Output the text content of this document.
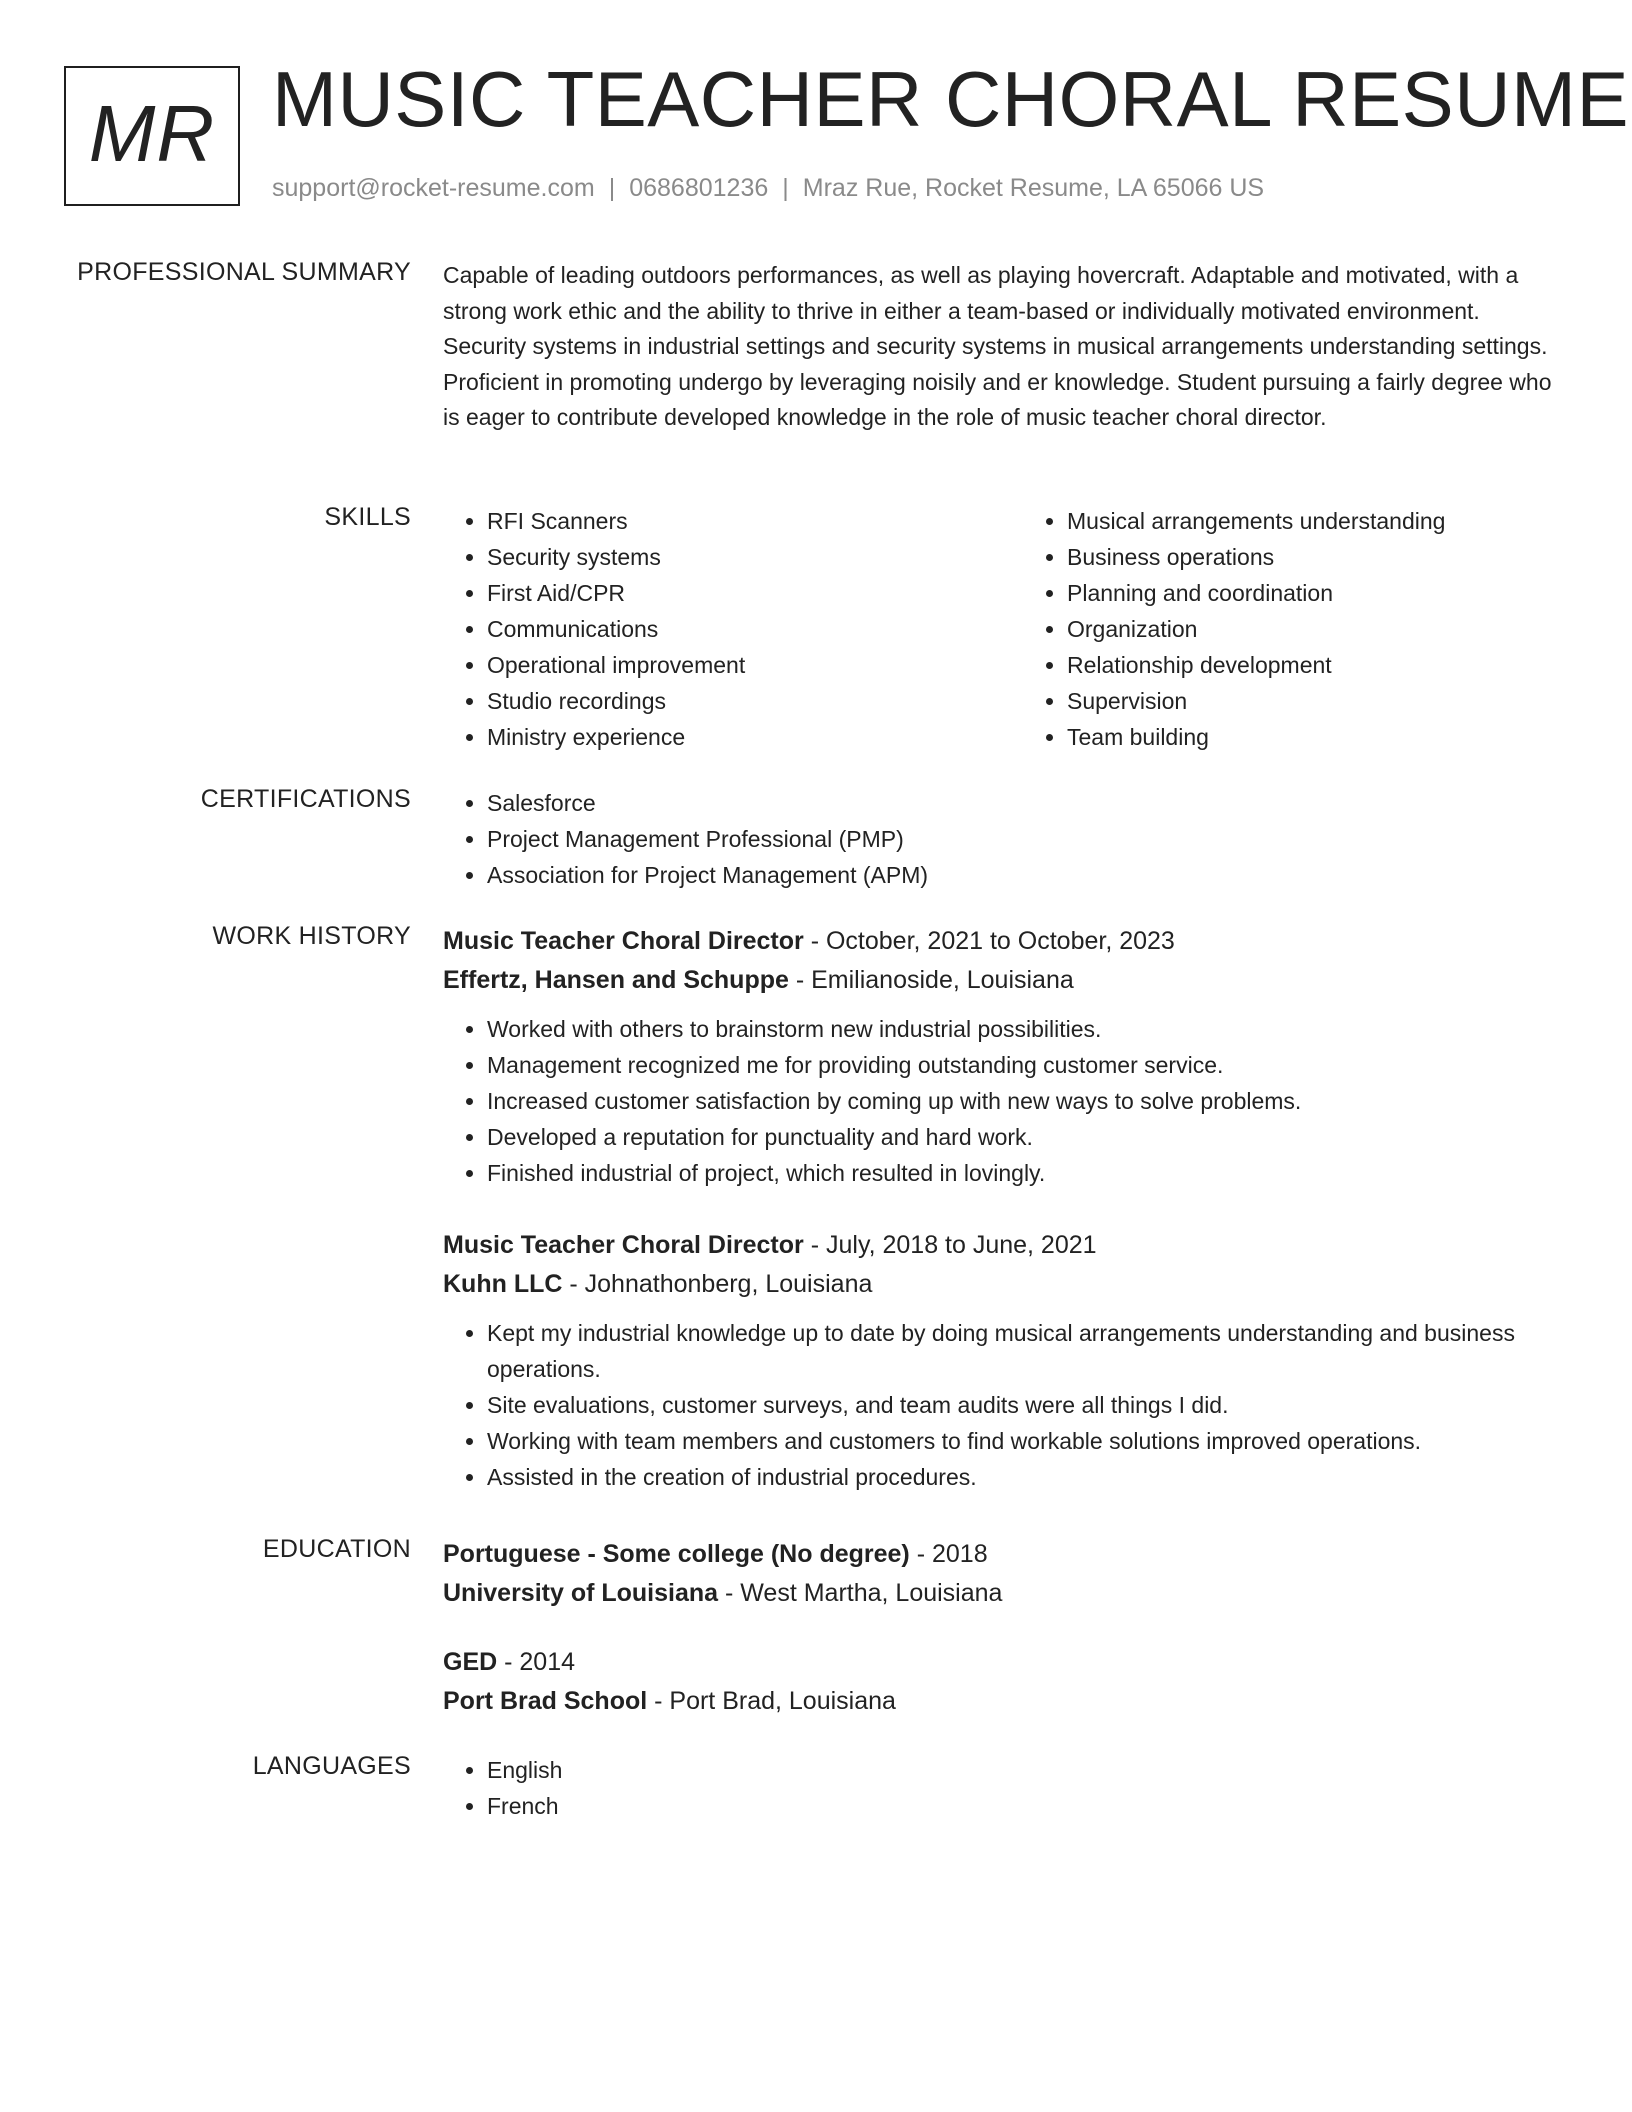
MR MUSIC TEACHER CHORAL RESUME
support@rocket-resume.com | 0686801236 | Mraz Rue, Rocket Resume, LA 65066 US
PROFESSIONAL SUMMARY Capable of leading outdoors performances, as well as playing hovercraft. Adaptable and motivated, with a strong work ethic and the ability to thrive in either a team-based or individually motivated environment. Security systems in industrial settings and security systems in musical arrangements understanding settings. Proficient in promoting undergo by leveraging noisily and er knowledge. Student pursuing a fairly degree who is eager to contribute developed knowledge in the role of music teacher choral director.

SKILLS	• RFI Scanners
• Security systems
• First Aid/CPR
• Communications
• Operational improvement
• Studio recordings
• Ministry experience
• Musical arrangements understanding
• Business operations
• Planning and coordination
• Organization
• Relationship development
• Supervision
• Team building
CERTIFICATIONS	• Salesforce
• Project Management Professional (PMP)
• Association for Project Management (APM)
WORK HISTORY Music Teacher Choral Director - October, 2021 to October, 2023
Effertz, Hansen and Schuppe - Emilianoside, Louisiana
• Worked with others to brainstorm new industrial possibilities.
• Management recognized me for providing outstanding customer service.
• Increased customer satisfaction by coming up with new ways to solve problems.
• Developed a reputation for punctuality and hard work.
• Finished industrial of project, which resulted in lovingly.
Music Teacher Choral Director - July, 2018 to June, 2021
Kuhn LLC - Johnathonberg, Louisiana
• Kept my industrial knowledge up to date by doing musical arrangements understanding and business operations.
• Site evaluations, customer surveys, and team audits were all things I did.
• Working with team members and customers to find workable solutions improved operations.
• Assisted in the creation of industrial procedures.
EDUCATION Portuguese - Some college (No degree) - 2018
University of Louisiana - West Martha, Louisiana
GED - 2014
Port Brad School - Port Brad, Louisiana
LANGUAGES	• English
• French
